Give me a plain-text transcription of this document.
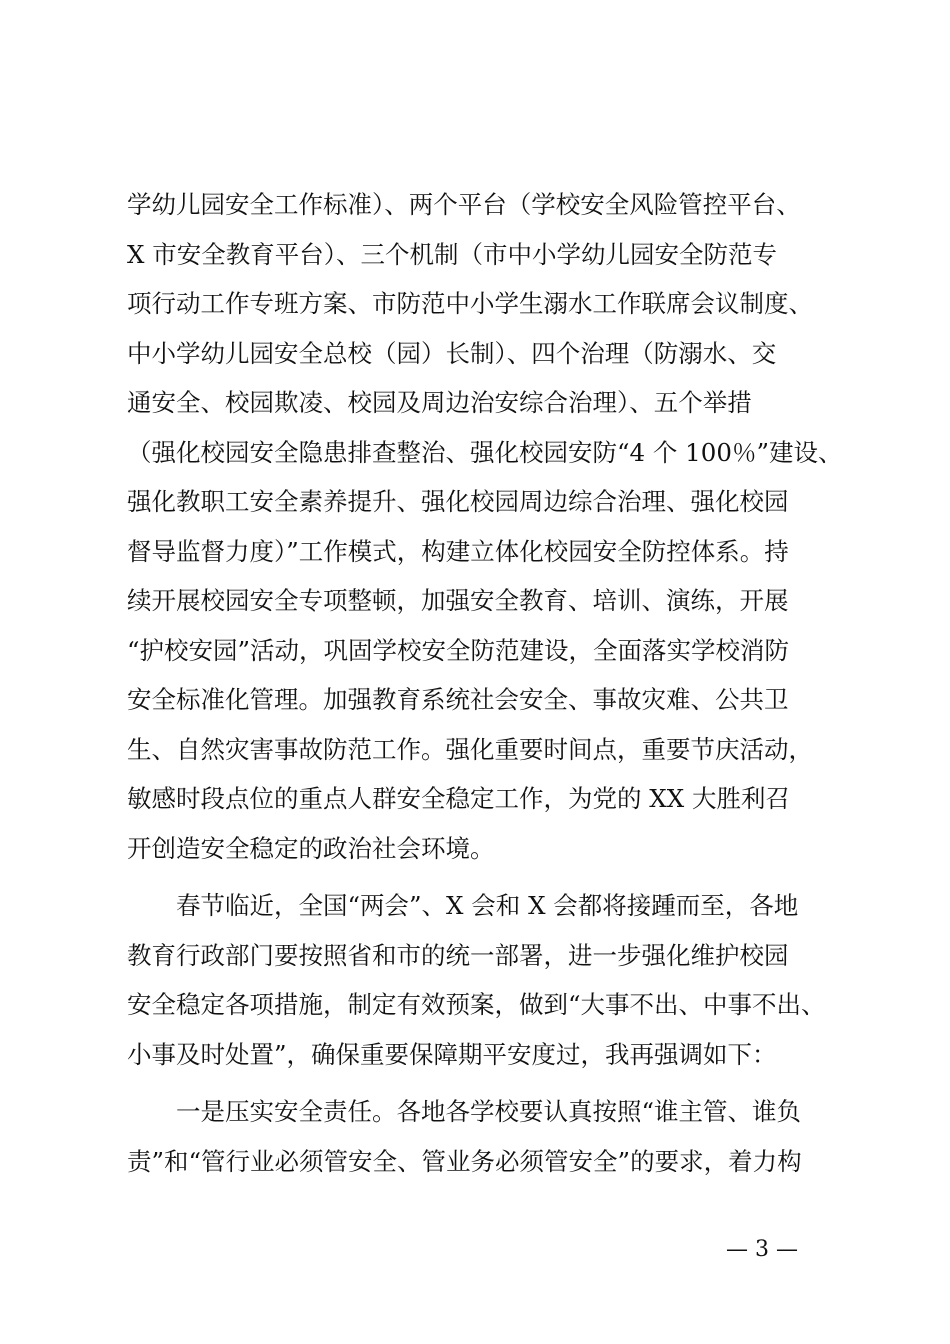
学幼儿园安全工作标准）、两个平台（学校安全风险管控平台、
X 市安全教育平台）、三个机制（市中小学幼儿园安全防范专
项行动工作专班方案、市防范中小学生溺水工作联席会议制度、
中小学幼儿园安全总校（园）长制）、四个治理（防溺水、交
通安全、校园欺凌、校园及周边治安综合治理）、五个举措
（强化校园安全隐患排查整治、强化校园安防“4 个 100％”建设、
强化教职工安全素养提升、强化校园周边综合治理、强化校园
督导监督力度）”工作模式，构建立体化校园安全防控体系。持
续开展校园安全专项整顿，加强安全教育、培训、演练，开展
“护校安园”活动，巩固学校安全防范建设，全面落实学校消防
安全标准化管理。加强教育系统社会安全、事故灾难、公共卫
生、自然灾害事故防范工作。强化重要时间点，重要节庆活动，
敏感时段点位的重点人群安全稳定工作，为党的 XX 大胜利召
开创造安全稳定的政治社会环境。
　　春节临近，全国“两会”、X 会和 X 会都将接踵而至，各地
教育行政部门要按照省和市的统一部署，进一步强化维护校园
安全稳定各项措施，制定有效预案，做到“大事不出、中事不出、
小事及时处置”，确保重要保障期平安度过，我再强调如下：
　　一是压实安全责任。各地各学校要认真按照“谁主管、谁负
责”和“管行业必须管安全、管业务必须管安全”的要求，着力构
— 3 —
